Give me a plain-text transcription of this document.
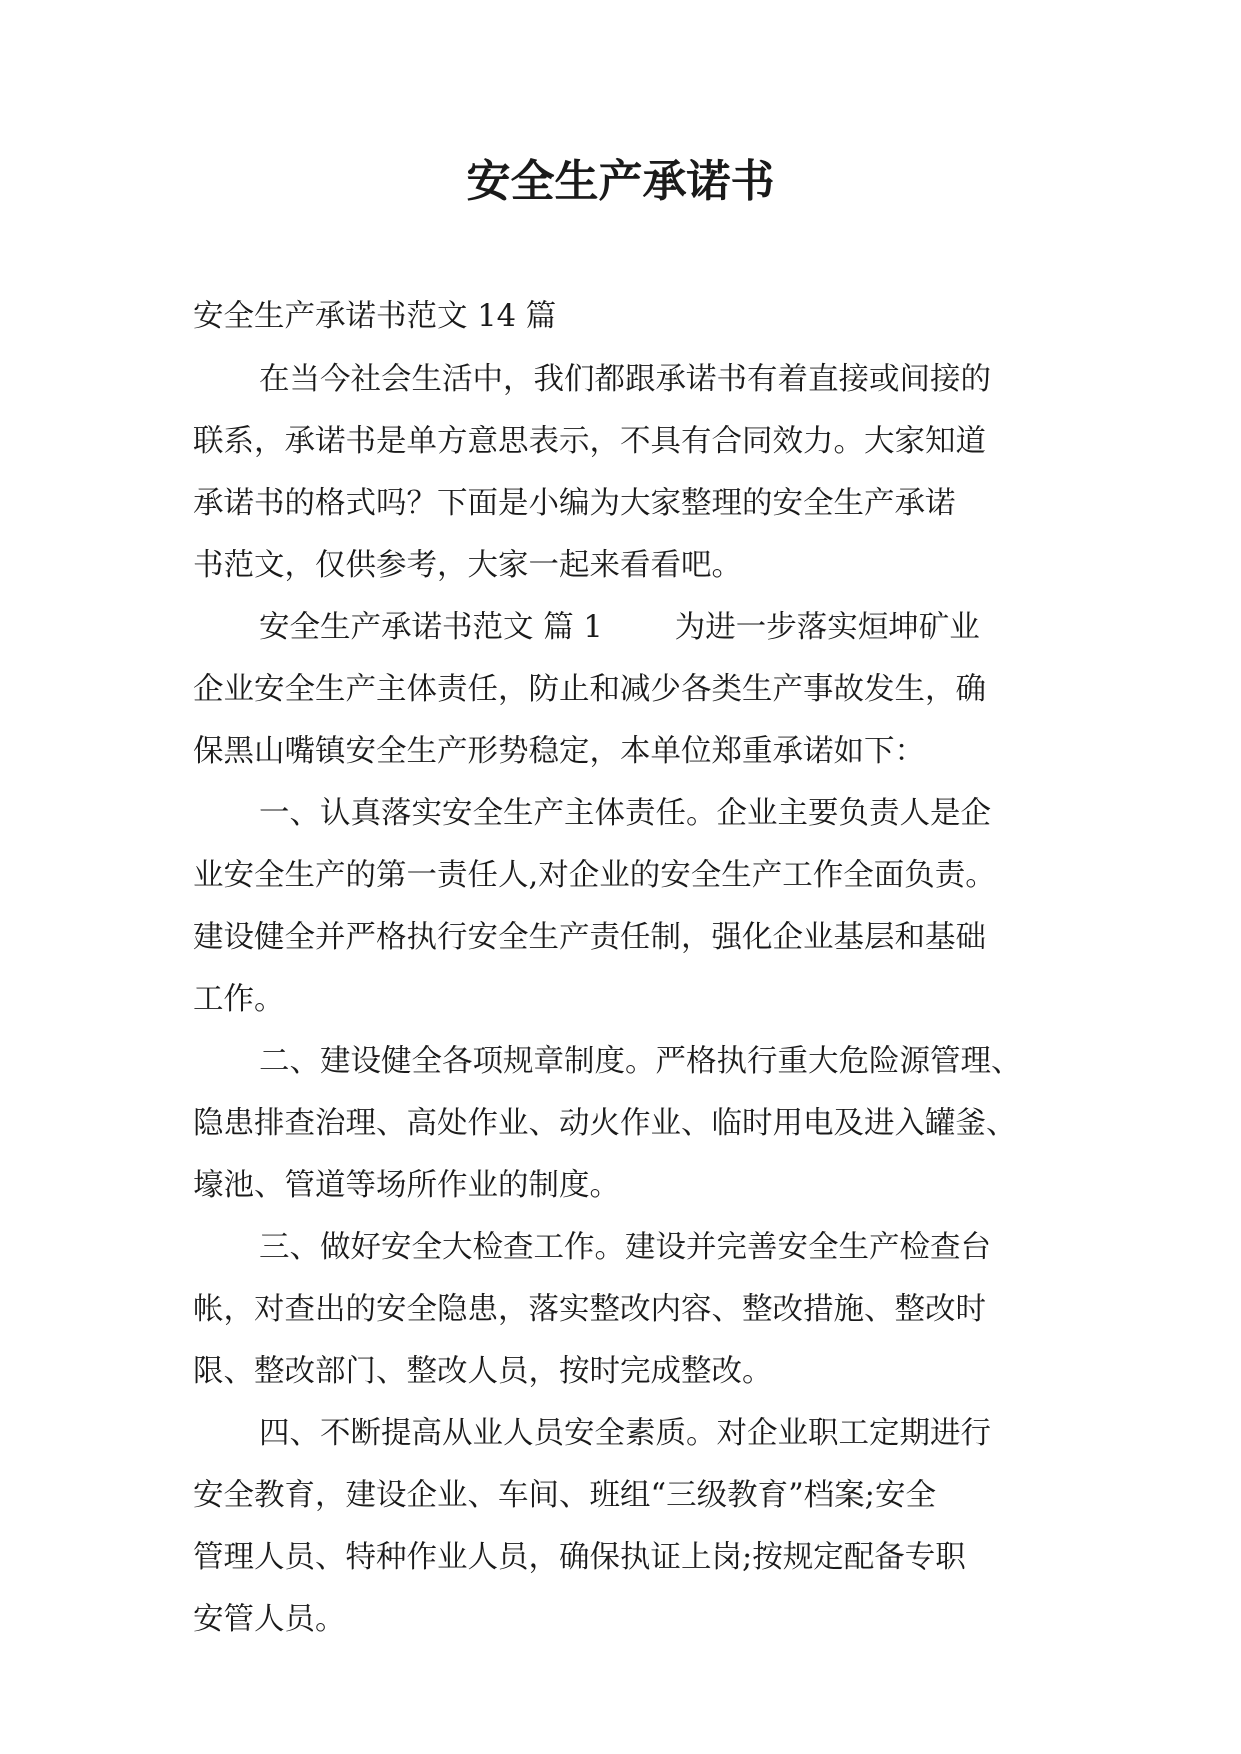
安全生产承诺书
安全生产承诺书范文 14 篇
在当今社会生活中，我们都跟承诺书有着直接或间接的
联系，承诺书是单方意思表示，不具有合同效力。大家知道
承诺书的格式吗？下面是小编为大家整理的安全生产承诺
书范文，仅供参考，大家一起来看看吧。
安全生产承诺书范文 篇 1 为进一步落实烜坤矿业
企业安全生产主体责任，防止和减少各类生产事故发生，确
保黑山嘴镇安全生产形势稳定，本单位郑重承诺如下：
一、认真落实安全生产主体责任。企业主要负责人是企
业安全生产的第一责任人,对企业的安全生产工作全面负责。
建设健全并严格执行安全生产责任制，强化企业基层和基础
工作。
二、建设健全各项规章制度。严格执行重大危险源管理、
隐患排查治理、高处作业、动火作业、临时用电及进入罐釜、
壕池、管道等场所作业的制度。
三、做好安全大检查工作。建设并完善安全生产检查台
帐，对查出的安全隐患，落实整改内容、整改措施、整改时
限、整改部门、整改人员，按时完成整改。
四、不断提高从业人员安全素质。对企业职工定期进行
安全教育，建设企业、车间、班组“三级教育”档案;安全
管理人员、特种作业人员，确保执证上岗;按规定配备专职
安管人员。
